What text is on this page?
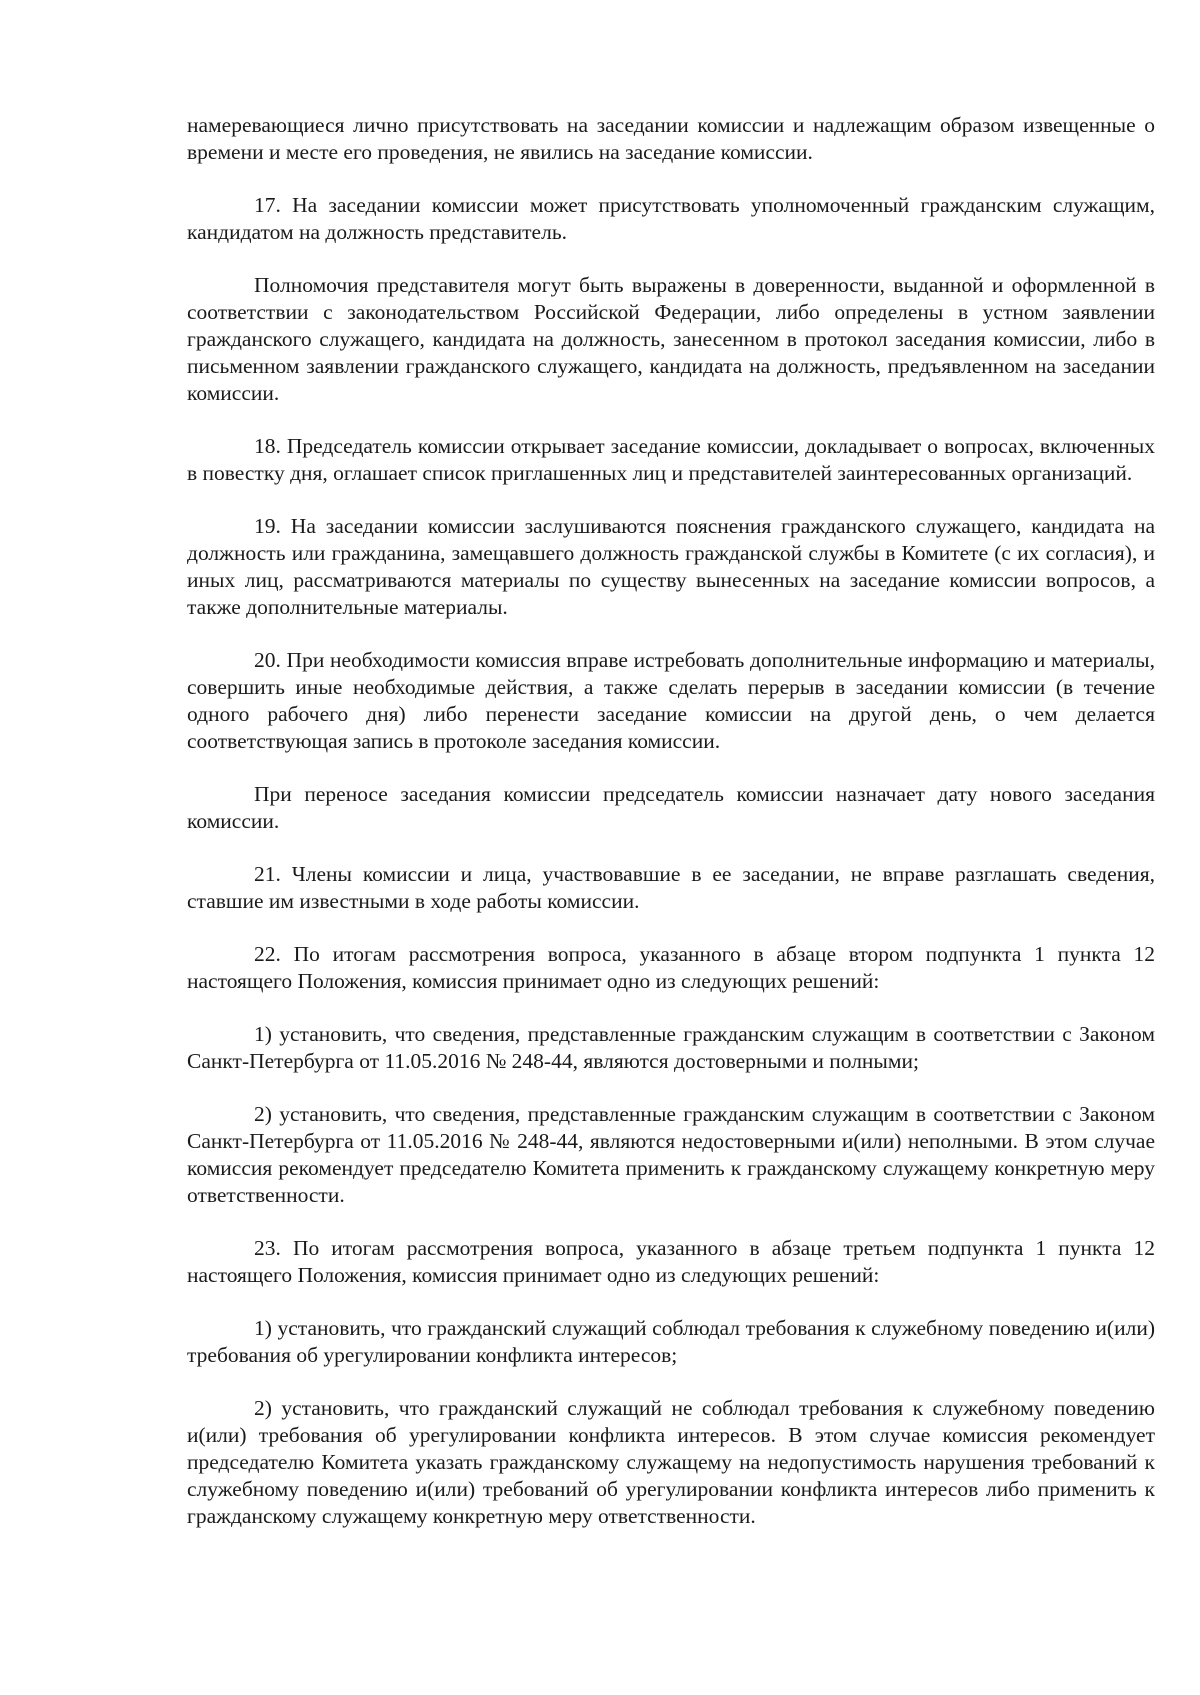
намеревающиеся лично присутствовать на заседании комиссии и надлежащим образом извещенные о времени и месте его проведения, не явились на заседание комиссии.

17. На заседании комиссии может присутствовать уполномоченный гражданским служащим, кандидатом на должность представитель.

Полномочия представителя могут быть выражены в доверенности, выданной и оформленной в соответствии с законодательством Российской Федерации, либо определены в устном заявлении гражданского служащего, кандидата на должность, занесенном в протокол заседания комиссии, либо в письменном заявлении гражданского служащего, кандидата на должность, предъявленном на заседании комиссии.

18. Председатель комиссии открывает заседание комиссии, докладывает о вопросах, включенных в повестку дня, оглашает список приглашенных лиц и представителей заинтересованных организаций.

19. На заседании комиссии заслушиваются пояснения гражданского служащего, кандидата на должность или гражданина, замещавшего должность гражданской службы в Комитете (с их согласия), и иных лиц, рассматриваются материалы по существу вынесенных на заседание комиссии вопросов, а также дополнительные материалы.

20. При необходимости комиссия вправе истребовать дополнительные информацию и материалы, совершить иные необходимые действия, а также сделать перерыв в заседании комиссии (в течение одного рабочего дня) либо перенести заседание комиссии на другой день, о чем делается соответствующая запись в протоколе заседания комиссии.

При переносе заседания комиссии председатель комиссии назначает дату нового заседания комиссии.

21. Члены комиссии и лица, участвовавшие в ее заседании, не вправе разглашать сведения, ставшие им известными в ходе работы комиссии.

22. По итогам рассмотрения вопроса, указанного в абзаце втором подпункта 1 пункта 12 настоящего Положения, комиссия принимает одно из следующих решений:

1) установить, что сведения, представленные гражданским служащим в соответствии с Законом Санкт-Петербурга от 11.05.2016 № 248-44, являются достоверными и полными;

2) установить, что сведения, представленные гражданским служащим в соответствии с Законом Санкт-Петербурга от 11.05.2016 № 248-44, являются недостоверными и(или) неполными. В этом случае комиссия рекомендует председателю Комитета применить к гражданскому служащему конкретную меру ответственности.

23. По итогам рассмотрения вопроса, указанного в абзаце третьем подпункта 1 пункта 12 настоящего Положения, комиссия принимает одно из следующих решений:

1) установить, что гражданский служащий соблюдал требования к служебному поведению и(или) требования об урегулировании конфликта интересов;

2) установить, что гражданский служащий не соблюдал требования к служебному поведению и(или) требования об урегулировании конфликта интересов. В этом случае комиссия рекомендует председателю Комитета указать гражданскому служащему на недопустимость нарушения требований к служебному поведению и(или) требований об урегулировании конфликта интересов либо применить к гражданскому служащему конкретную меру ответственности.
